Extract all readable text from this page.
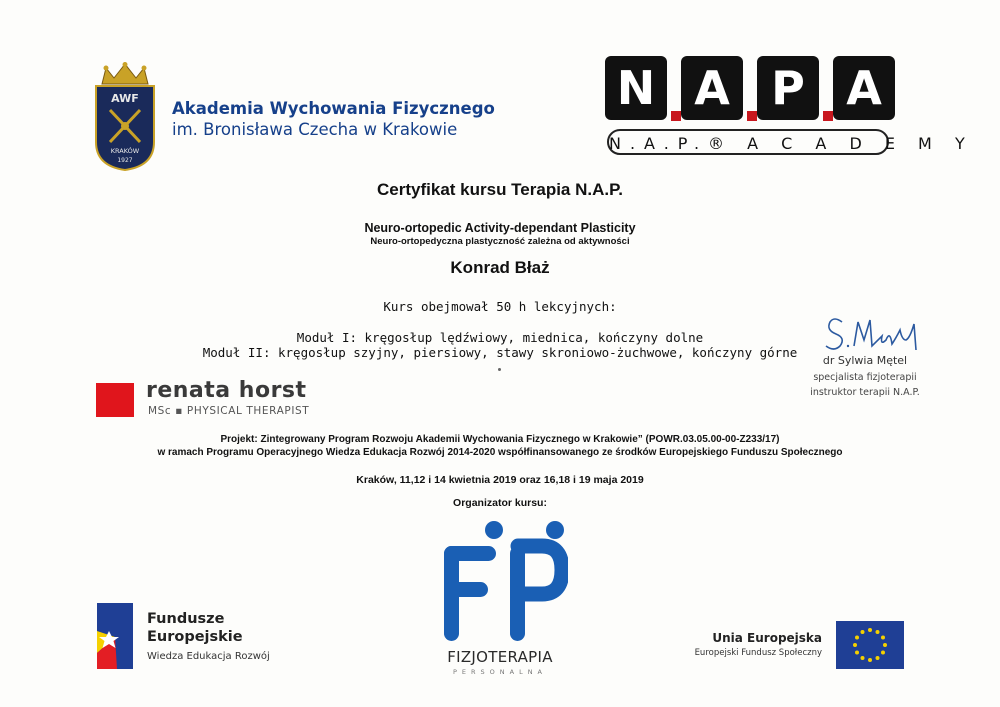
AWF
KRAKÓW
1927
Akademia Wychowania Fizycznego
im. Bronisława Czecha w Krakowie
N A P A
N.A.P.® A C A D E M Y
Certyfikat kursu Terapia N.A.P.
Neuro-ortopedic Activity-dependant Plasticity
Neuro-ortopedyczna plastyczność zależna od aktywności
Konrad Błaż
Kurs obejmował 50 h lekcyjnych:
Moduł I: kręgosłup lędźwiowy, miednica, kończyny dolne
Moduł II: kręgosłup szyjny, piersiowy, stawy skroniowo-żuchwowe, kończyny górne
dr Sylwia Mętel
specjalista fizjoterapii
instruktor terapii N.A.P.
renata horst
MSc ▪ PHYSICAL THERAPIST
Projekt: Zintegrowany Program Rozwoju Akademii Wychowania Fizycznego w Krakowie” (POWR.03.05.00-00-Z233/17)
w ramach Programu Operacyjnego Wiedza Edukacja Rozwój 2014-2020 współfinansowanego ze środków Europejskiego Funduszu Społecznego
Kraków, 11,12 i 14 kwietnia 2019 oraz 16,18 i 19 maja 2019
Organizator kursu:
FIZJOTERAPIA
PERSONALNA
Fundusze
Europejskie
Wiedza Edukacja Rozwój
Unia Europejska
Europejski Fundusz Społeczny
